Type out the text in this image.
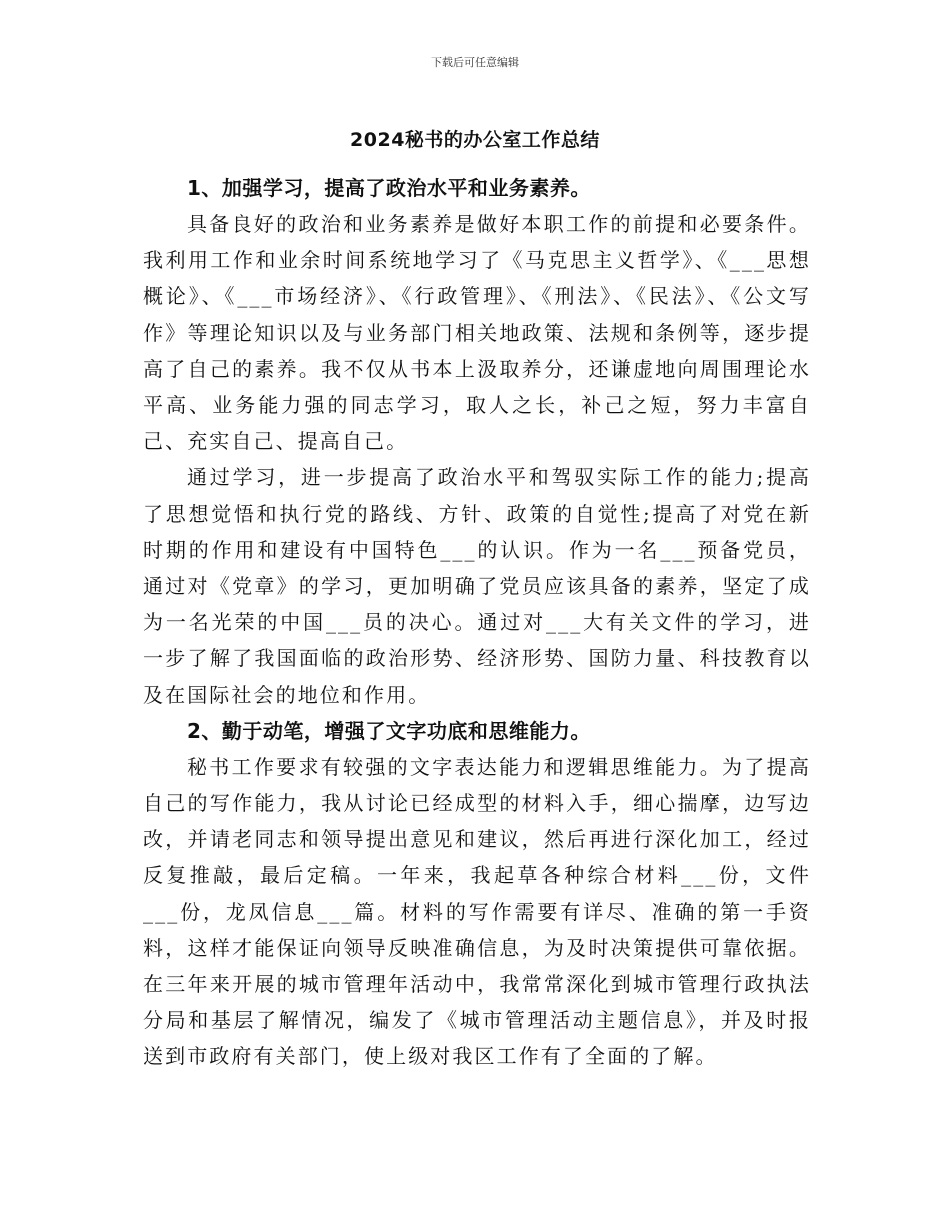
下载后可任意编辑
2024秘书的办公室工作总结

1、加强学习，提高了政治水平和业务素养。

具备良好的政治和业务素养是做好本职工作的前提和必要条件。我利用工作和业余时间系统地学习了《马克思主义哲学》、《___思想概论》、《___市场经济》、《行政管理》、《刑法》、《民法》、《公文写作》等理论知识以及与业务部门相关地政策、法规和条例等，逐步提高了自己的素养。我不仅从书本上汲取养分，还谦虚地向周围理论水平高、业务能力强的同志学习，取人之长，补己之短，努力丰富自己、充实自己、提高自己。

通过学习，进一步提高了政治水平和驾驭实际工作的能力;提高了思想觉悟和执行党的路线、方针、政策的自觉性;提高了对党在新时期的作用和建设有中国特色___的认识。作为一名___预备党员，通过对《党章》的学习，更加明确了党员应该具备的素养，坚定了成为一名光荣的中国___员的决心。通过对___大有关文件的学习，进一步了解了我国面临的政治形势、经济形势、国防力量、科技教育以及在国际社会的地位和作用。

2、勤于动笔，增强了文字功底和思维能力。

秘书工作要求有较强的文字表达能力和逻辑思维能力。为了提高自己的写作能力，我从讨论已经成型的材料入手，细心揣摩，边写边改，并请老同志和领导提出意见和建议，然后再进行深化加工，经过反复推敲，最后定稿。一年来，我起草各种综合材料___份，文件___份，龙凤信息___篇。材料的写作需要有详尽、准确的第一手资料，这样才能保证向领导反映准确信息，为及时决策提供可靠依据。在三年来开展的城市管理年活动中，我常常深化到城市管理行政执法分局和基层了解情况，编发了《城市管理活动主题信息》，并及时报送到市政府有关部门，使上级对我区工作有了全面的了解。
